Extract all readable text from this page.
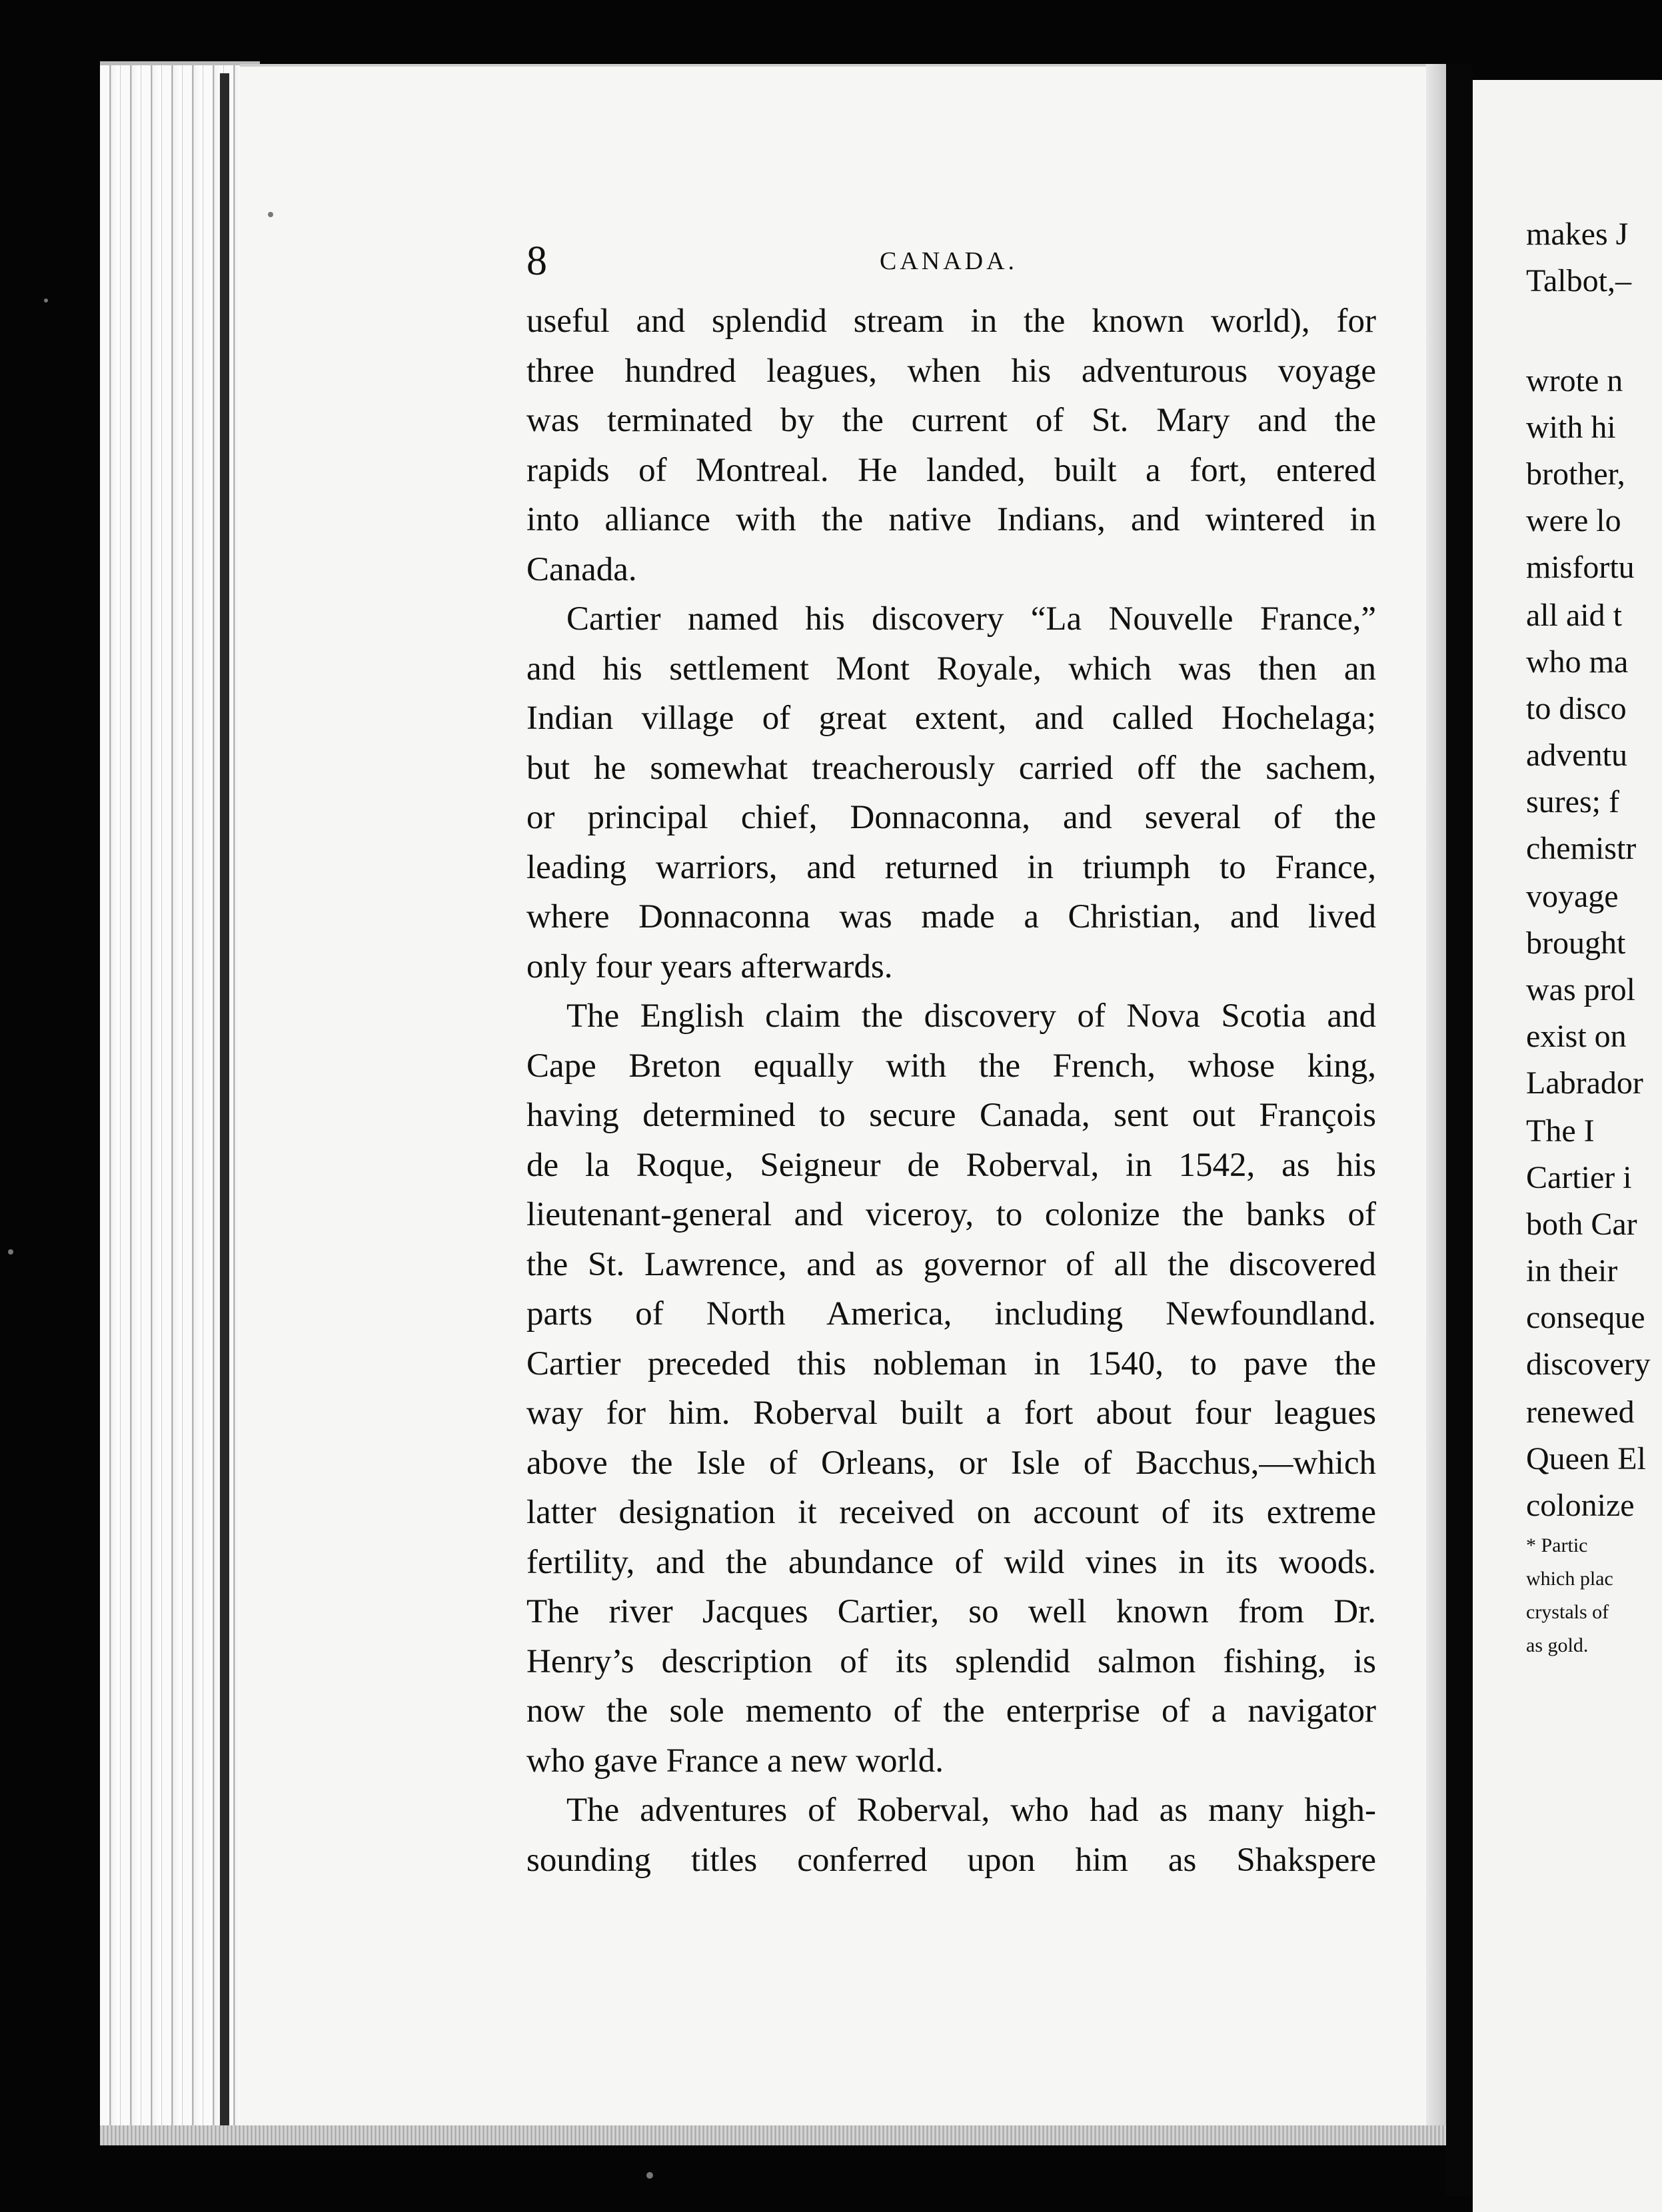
makes J
Talbot,–
wrote n
with hi
brother,
were lo
misfortu
all aid t
who ma
to disco
adventu
sures; f
chemistr
voyage
brought
was prol
exist on
Labrador
The I
Cartier i
both Car
in their
conseque
discovery
renewed
Queen El
colonize
* Partic
which plac
crystals of
as gold.
8	CANADA.
useful and splendid stream in the known world), for
three hundred leagues, when his adventurous voyage
was terminated by the current of St. Mary and the
rapids of Montreal. He landed, built a fort, entered
into alliance with the native Indians, and wintered in
Canada.
Cartier named his discovery “La Nouvelle France,”
and his settlement Mont Royale, which was then an
Indian village of great extent, and called Hochelaga;
but he somewhat treacherously carried off the sachem,
or principal chief, Donnaconna, and several of the
leading warriors, and returned in triumph to France,
where Donnaconna was made a Christian, and lived
only four years afterwards.
The English claim the discovery of Nova Scotia and
Cape Breton equally with the French, whose king,
having determined to secure Canada, sent out François
de la Roque, Seigneur de Roberval, in 1542, as his
lieutenant-general and viceroy, to colonize the banks of
the St. Lawrence, and as governor of all the discovered
parts of North America, including Newfoundland.
Cartier preceded this nobleman in 1540, to pave the
way for him. Roberval built a fort about four leagues
above the Isle of Orleans, or Isle of Bacchus,—which
latter designation it received on account of its extreme
fertility, and the abundance of wild vines in its woods.
The river Jacques Cartier, so well known from Dr.
Henry’s description of its splendid salmon fishing, is
now the sole memento of the enterprise of a navigator
who gave France a new world.
The adventures of Roberval, who had as many high-
sounding titles conferred upon him as Shakspere
